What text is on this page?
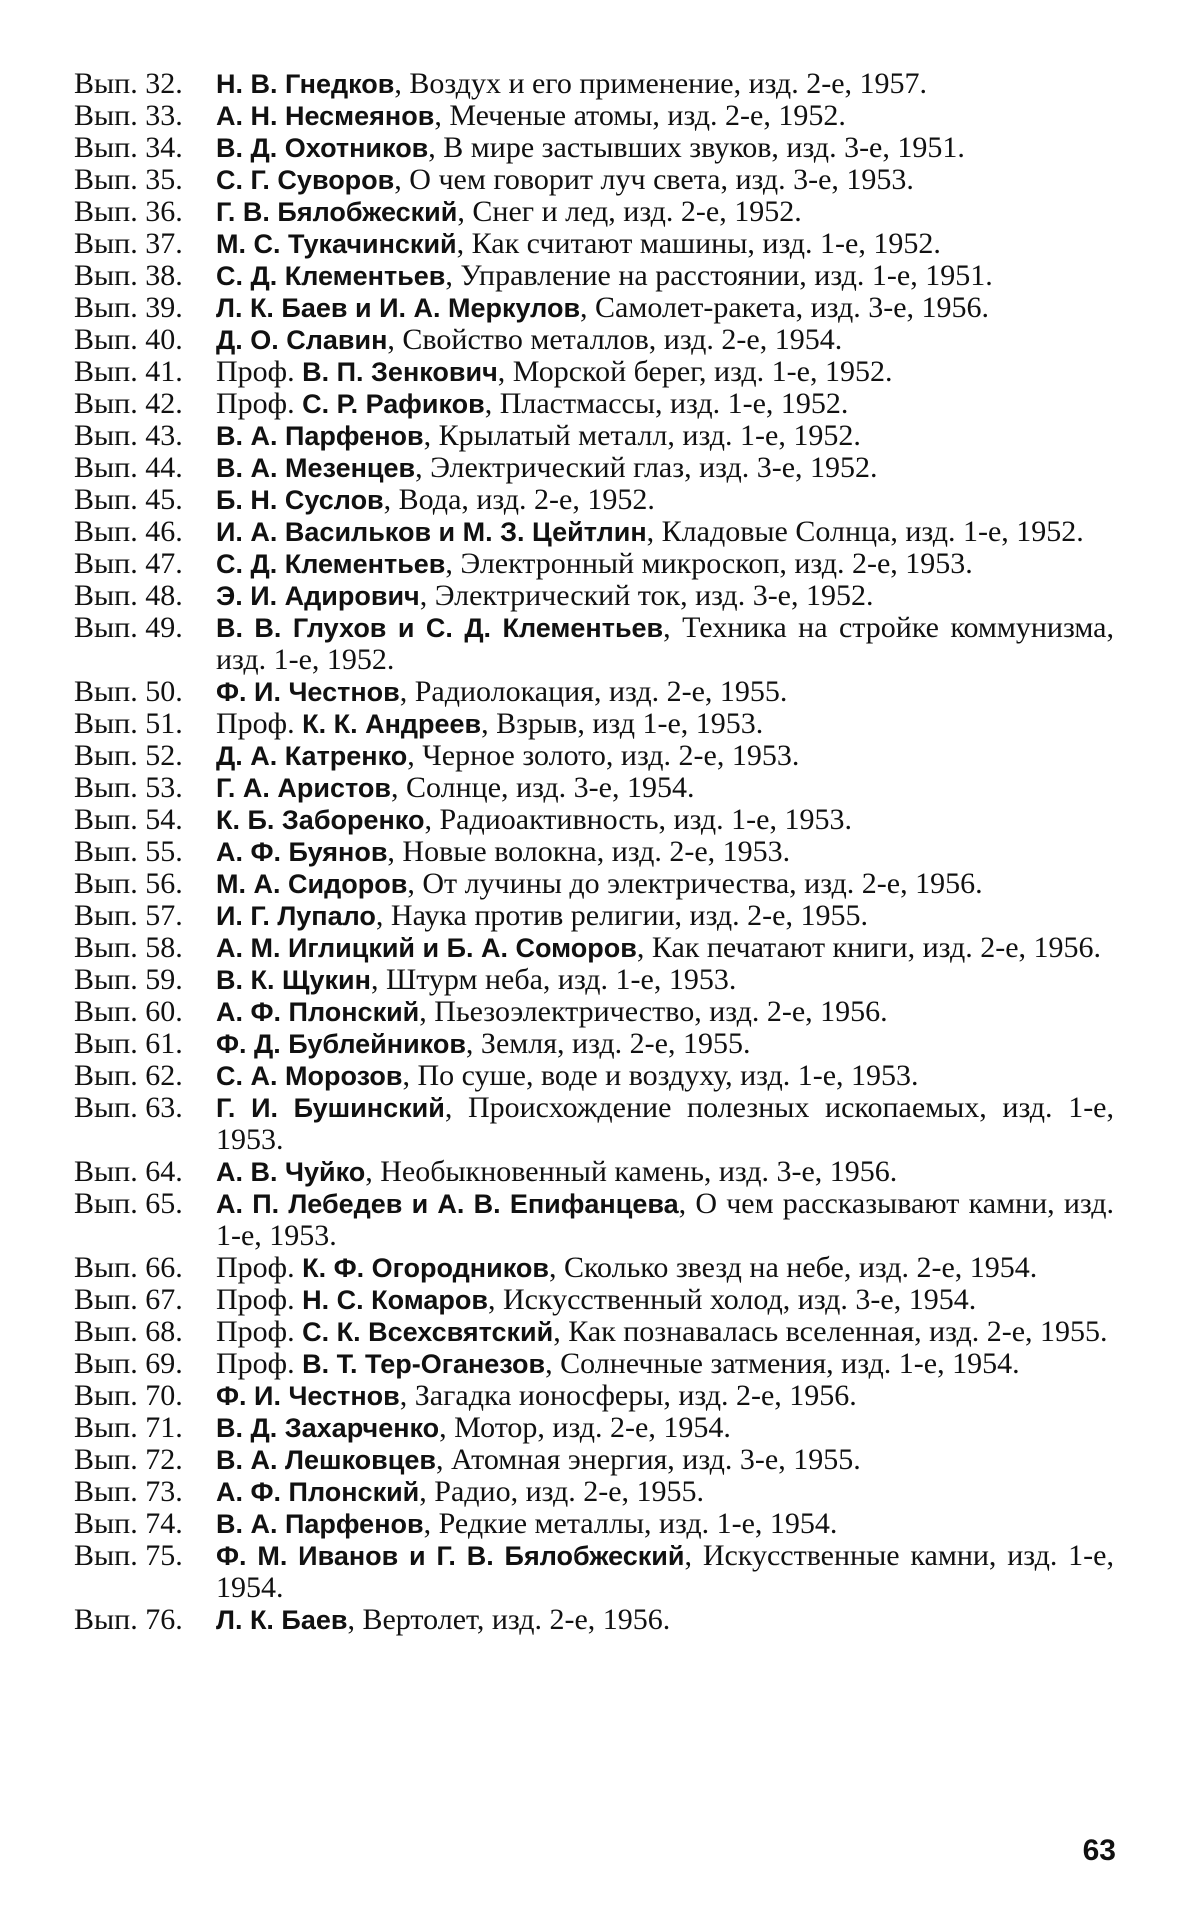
Вып. 32.	Н. В. Гнедков, Воздух и его применение, изд. 2-е, 1957.
Вып. 33.	А. Н. Несмеянов, Меченые атомы, изд. 2-е, 1952.
Вып. 34.	В. Д. Охотников, В мире застывших звуков, изд. 3-е, 1951.
Вып. 35.	С. Г. Суворов, О чем говорит луч света, изд. 3-е, 1953.
Вып. 36.	Г. В. Бялобжеский, Снег и лед, изд. 2-е, 1952.
Вып. 37.	М. С. Тукачинский, Как считают машины, изд. 1-е, 1952.
Вып. 38.	С. Д. Клементьев, Управление на расстоянии, изд. 1-е, 1951.
Вып. 39.	Л. К. Баев и И. А. Меркулов, Самолет-ракета, изд. 3-е, 1956.
Вып. 40.	Д. О. Славин, Свойство металлов, изд. 2-е, 1954.
Вып. 41.	Проф. В. П. Зенкович, Морской берег, изд. 1-е, 1952.
Вып. 42.	Проф. С. Р. Рафиков, Пластмассы, изд. 1-е, 1952.
Вып. 43.	В. А. Парфенов, Крылатый металл, изд. 1-е, 1952.
Вып. 44.	В. А. Мезенцев, Электрический глаз, изд. 3-е, 1952.
Вып. 45.	Б. Н. Суслов, Вода, изд. 2-е, 1952.
Вып. 46.	И. А. Васильков и М. З. Цейтлин, Кладовые Солнца, изд. 1-е, 1952.
Вып. 47.	С. Д. Клементьев, Электронный микроскоп, изд. 2-е, 1953.
Вып. 48.	Э. И. Адирович, Электрический ток, изд. 3-е, 1952.
Вып. 49.	В. В. Глухов и С. Д. Клементьев, Техника на стройке коммунизма, изд. 1-е, 1952.
Вып. 50.	Ф. И. Честнов, Радиолокация, изд. 2-е, 1955.
Вып. 51.	Проф. К. К. Андреев, Взрыв, изд 1-е, 1953.
Вып. 52.	Д. А. Катренко, Черное золото, изд. 2-е, 1953.
Вып. 53.	Г. А. Аристов, Солнце, изд. 3-е, 1954.
Вып. 54.	К. Б. Заборенко, Радиоактивность, изд. 1-е, 1953.
Вып. 55.	А. Ф. Буянов, Новые волокна, изд. 2-е, 1953.
Вып. 56.	М. А. Сидоров, От лучины до электричества, изд. 2-е, 1956.
Вып. 57.	И. Г. Лупало, Наука против религии, изд. 2-е, 1955.
Вып. 58.	А. М. Иглицкий и Б. А. Соморов, Как печатают книги, изд. 2-е, 1956.
Вып. 59.	В. К. Щукин, Штурм неба, изд. 1-е, 1953.
Вып. 60.	А. Ф. Плонский, Пьезоэлектричество, изд. 2-е, 1956.
Вып. 61.	Ф. Д. Бублейников, Земля, изд. 2-е, 1955.
Вып. 62.	С. А. Морозов, По суше, воде и воздуху, изд. 1-е, 1953.
Вып. 63.	Г. И. Бушинский, Происхождение полезных ископаемых, изд. 1-е, 1953.
Вып. 64.	А. В. Чуйко, Необыкновенный камень, изд. 3-е, 1956.
Вып. 65.	А. П. Лебедев и А. В. Епифанцева, О чем рассказывают камни, изд. 1-е, 1953.
Вып. 66.	Проф. К. Ф. Огородников, Сколько звезд на небе, изд. 2-е, 1954.
Вып. 67.	Проф. Н. С. Комаров, Искусственный холод, изд. 3-е, 1954.
Вып. 68.	Проф. С. К. Всехсвятский, Как познавалась вселенная, изд. 2-е, 1955.
Вып. 69.	Проф. В. Т. Тер-Оганезов, Солнечные затмения, изд. 1-е, 1954.
Вып. 70.	Ф. И. Честнов, Загадка ионосферы, изд. 2-е, 1956.
Вып. 71.	В. Д. Захарченко, Мотор, изд. 2-е, 1954.
Вып. 72.	В. А. Лешковцев, Атомная энергия, изд. 3-е, 1955.
Вып. 73.	А. Ф. Плонский, Радио, изд. 2-е, 1955.
Вып. 74.	В. А. Парфенов, Редкие металлы, изд. 1-е, 1954.
Вып. 75.	Ф. М. Иванов и Г. В. Бялобжеский, Искусственные камни, изд. 1-е, 1954.
Вып. 76.	Л. К. Баев, Вертолет, изд. 2-е, 1956.
63
